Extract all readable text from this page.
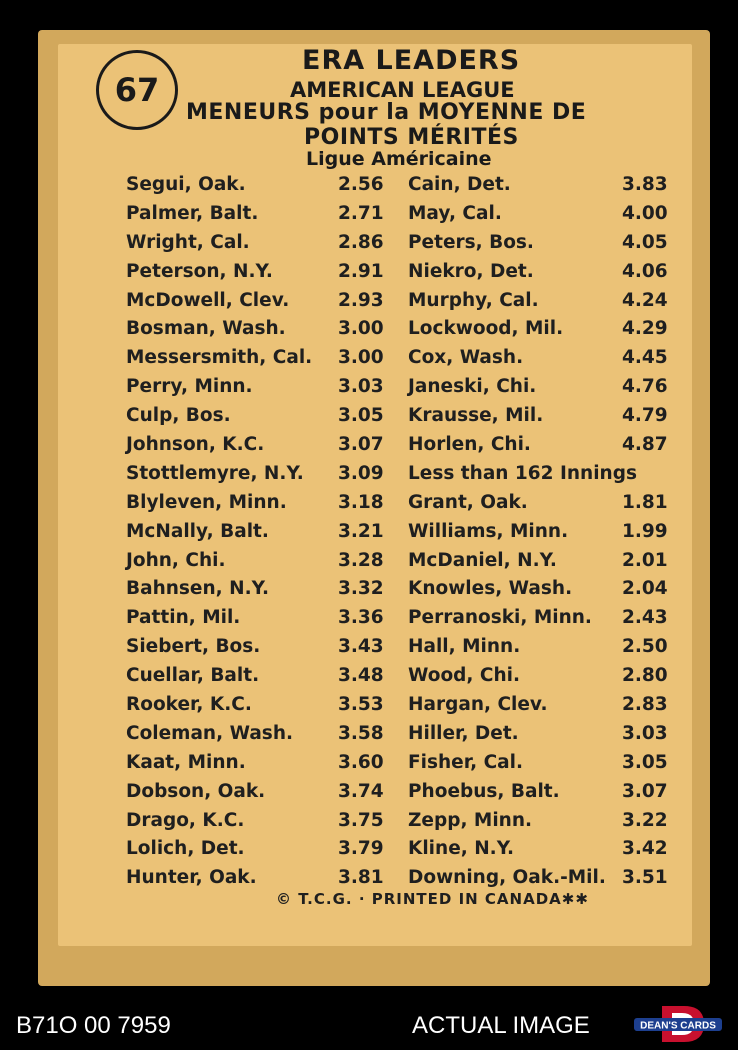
67
ERA LEADERS
AMERICAN LEAGUE
MENEURS pour la MOYENNE DE
POINTS MÉRITÉS
Ligue Américaine
Segui, Oak.	2.56	Cain, Det.	3.83
Palmer, Balt.	2.71	May, Cal.	4.00
Wright, Cal.	2.86	Peters, Bos.	4.05
Peterson, N.Y.	2.91	Niekro, Det.	4.06
McDowell, Clev.	2.93	Murphy, Cal.	4.24
Bosman, Wash.	3.00	Lockwood, Mil.	4.29
Messersmith, Cal.	3.00	Cox, Wash.	4.45
Perry, Minn.	3.03	Janeski, Chi.	4.76
Culp, Bos.	3.05	Krausse, Mil.	4.79
Johnson, K.C.	3.07	Horlen, Chi.	4.87
Stottlemyre, N.Y.	3.09	Less than 162 Innings
Blyleven, Minn.	3.18	Grant, Oak.	1.81
McNally, Balt.	3.21	Williams, Minn.	1.99
John, Chi.	3.28	McDaniel, N.Y.	2.01
Bahnsen, N.Y.	3.32	Knowles, Wash.	2.04
Pattin, Mil.	3.36	Perranoski, Minn.	2.43
Siebert, Bos.	3.43	Hall, Minn.	2.50
Cuellar, Balt.	3.48	Wood, Chi.	2.80
Rooker, K.C.	3.53	Hargan, Clev.	2.83
Coleman, Wash.	3.58	Hiller, Det.	3.03
Kaat, Minn.	3.60	Fisher, Cal.	3.05
Dobson, Oak.	3.74	Phoebus, Balt.	3.07
Drago, K.C.	3.75	Zepp, Minn.	3.22
Lolich, Det.	3.79	Kline, N.Y.	3.42
Hunter, Oak.	3.81	Downing, Oak.-Mil. 3.51
© T.C.G. · PRINTED IN CANADA✱✱
B71O 00 7959	ACTUAL IMAGE	DEAN'S CARDS
